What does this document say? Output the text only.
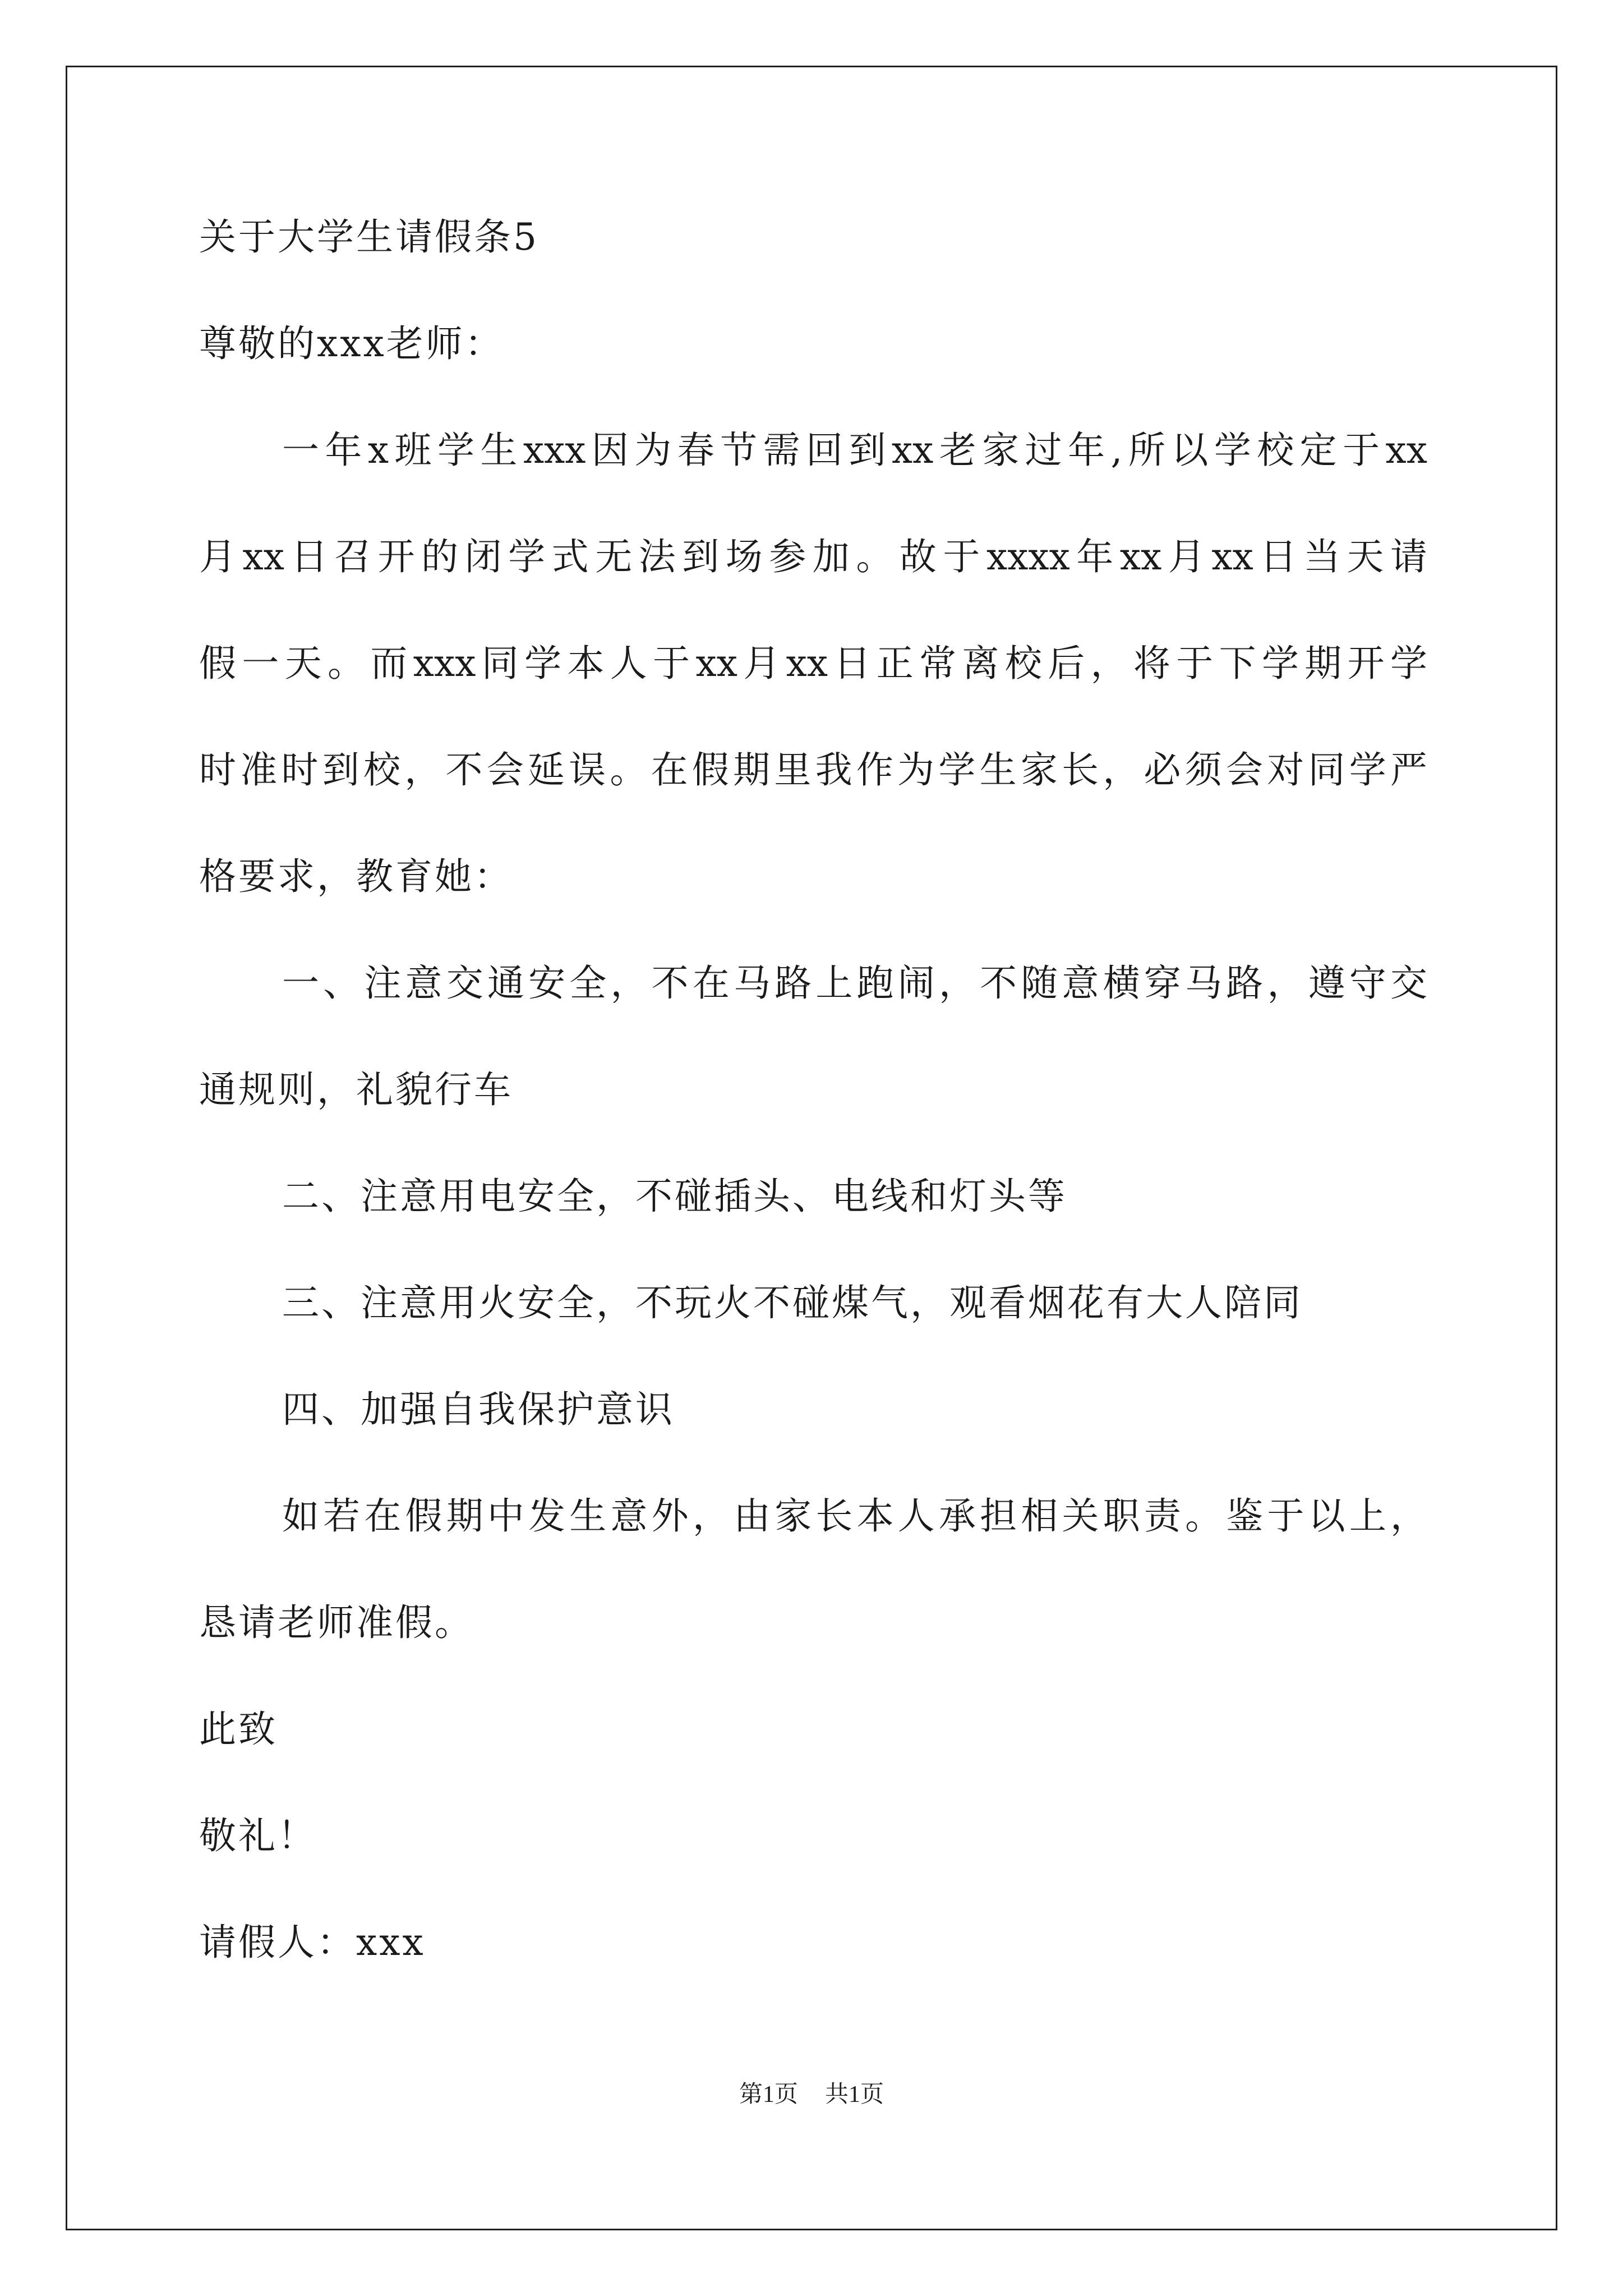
关于大学生请假条5
尊敬的xxx老师：
一年x班学生xxx因为春节需回到xx老家过年,所以学校定于xx
月xx日召开的闭学式无法到场参加。故于xxxx年xx月xx日当天请
假一天。而xxx同学本人于xx月xx日正常离校后，将于下学期开学
时准时到校，不会延误。在假期里我作为学生家长，必须会对同学严
格要求，教育她：
一、注意交通安全，不在马路上跑闹，不随意横穿马路，遵守交
通规则，礼貌行车
二、注意用电安全，不碰插头、电线和灯头等
三、注意用火安全，不玩火不碰煤气，观看烟花有大人陪同
四、加强自我保护意识
如若在假期中发生意外，由家长本人承担相关职责。鉴于以上，
恳请老师准假。
此致
敬礼！
请假人：xxx
第1页 共1页
